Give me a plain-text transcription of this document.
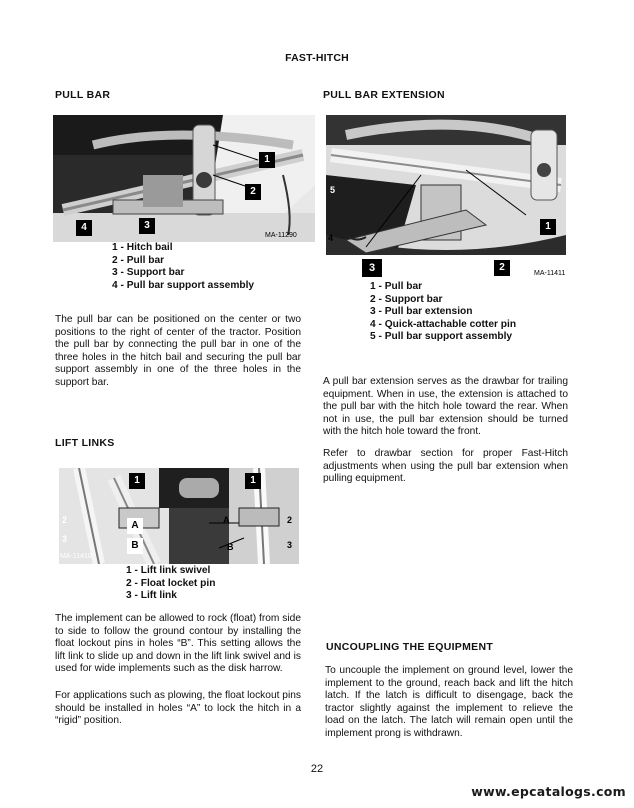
FAST-HITCH
PULL BAR
1
2
3
4
MA-11290
1 - Hitch bail
2 - Pull bar
3 - Support bar
4 - Pull bar support assembly

The pull bar can be positioned on the center or two positions to the right of center of the tractor. Position the pull bar by connecting the pull bar in one of the three holes in the hitch bail and securing the pull bar support assembly in one of the three holes in the support bar.

PULL BAR EXTENSION
1
2
3
4
5
MA-11411
1 - Pull bar
2 - Support bar
3 - Pull bar extension
4 - Quick-attachable cotter pin
5 - Pull bar support assembly

A pull bar extension serves as the drawbar for trailing equipment. When in use, the extension is attached to the pull bar with the hitch hole toward the rear. When not in use, the pull bar extension should be turned with the hitch hole toward the front.

Refer to drawbar section for proper Fast-Hitch adjustments when using the pull bar extension when pulling equipment.

LIFT LINKS
1	1
2	2
3
3
A
B
A
B
MA-11410
1 - Lift link swivel
2 - Float locket pin
3 - Lift link

The implement can be allowed to rock (float) from side to side to follow the ground contour by installing the float lockout pins in holes “B”. This setting allows the lift link to slide up and down in the lift link swivel and is used for wide implements such as the disk harrow.

For applications such as plowing, the float lockout pins should be installed in holes “A” to lock the hitch in a “rigid” position.

UNCOUPLING THE EQUIPMENT

To uncouple the implement on ground level, lower the implement to the ground, reach back and lift the hitch latch. If the latch is difficult to disengage, back the tractor slightly against the implement to relieve the load on the latch. The latch will remain open until the implement prong is withdrawn.

22
www.epcatalogs.com
